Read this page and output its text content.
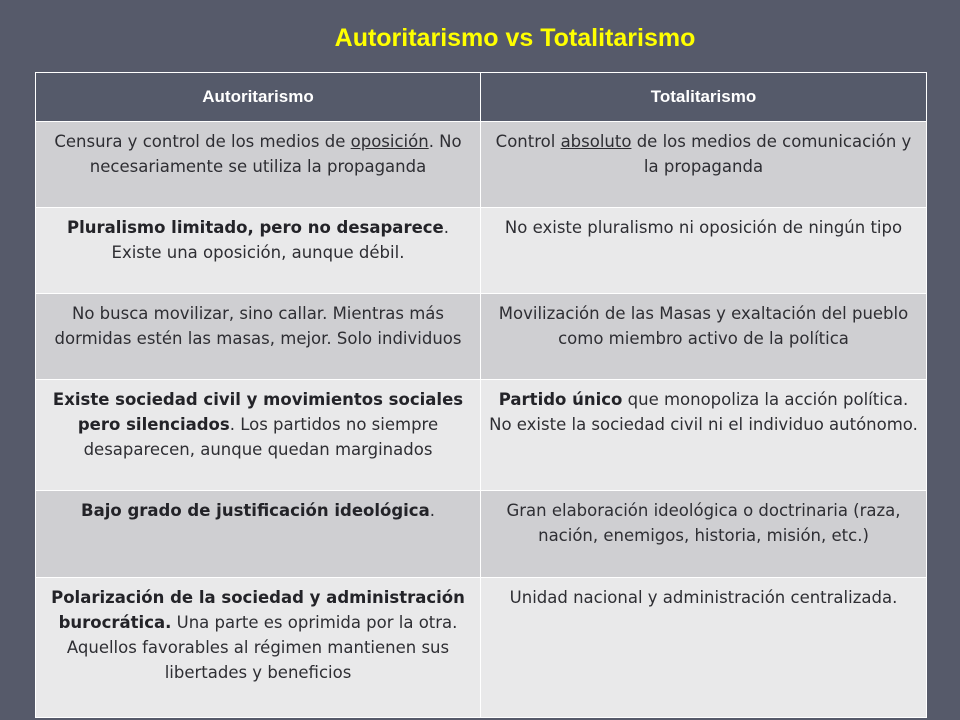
Autoritarismo vs Totalitarismo
Autoritarismo	Totalitarismo
Censura y control de los medios de oposición. No necesariamente se utiliza la propaganda	Control absoluto de los medios de comunicación y la propaganda
Pluralismo limitado, pero no desaparece. Existe una oposición, aunque débil.	No existe pluralismo ni oposición de ningún tipo
No busca movilizar, sino callar. Mientras más dormidas estén las masas, mejor. Solo individuos	Movilización de las Masas y exaltación del pueblo como miembro activo de la política
Existe sociedad civil y movimientos sociales pero silenciados. Los partidos no siempre desaparecen, aunque quedan marginados	Partido único que monopoliza la acción política. No existe la sociedad civil ni el individuo autónomo.
Bajo grado de justificación ideológica.	Gran elaboración ideológica o doctrinaria (raza, nación, enemigos, historia, misión, etc.)
Polarización de la sociedad y administración burocrática. Una parte es oprimida por la otra. Aquellos favorables al régimen mantienen sus libertades y beneficios	Unidad nacional y administración centralizada.
